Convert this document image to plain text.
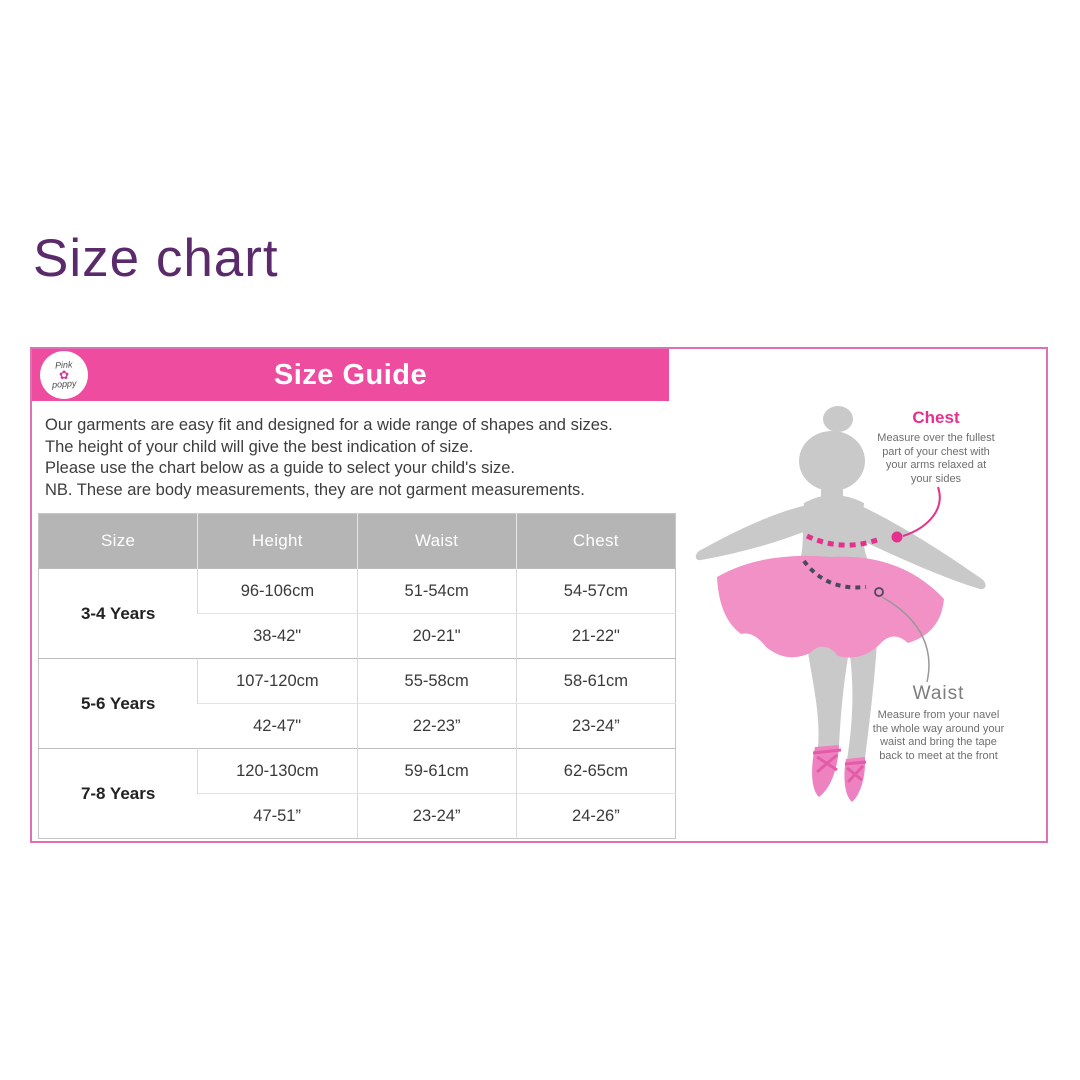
Size chart
Size Guide
Pink
✿
poppy
Our garments are easy fit and designed for a wide range of shapes and sizes.
The height of your child will give the best indication of size.
Please use the chart below as a guide to select your child's size.
NB. These are body measurements, they are not garment measurements.
Size	Height	Waist	Chest
3-4 Years	96-106cm	51-54cm	54-57cm
	38-42"	20-21"	21-22"
5-6 Years	107-120cm	55-58cm	58-61cm
	42-47"	22-23”	23-24”
7-8 Years	120-130cm	59-61cm	62-65cm
	47-51”	23-24”	24-26”
Chest
Measure over the fullest
part of your chest with
your arms relaxed at
your sides
Waist
Measure from your navel
the whole way around your
waist and bring the tape
back to meet at the front
